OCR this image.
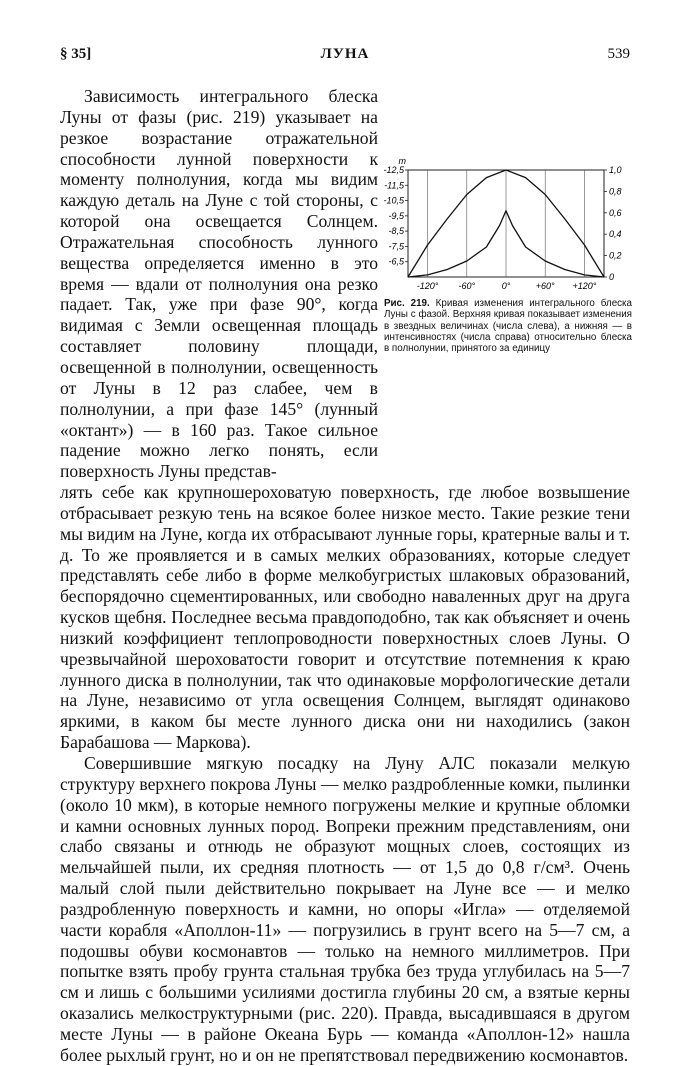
§ 35]	ЛУНА	539

Зависимость интегрального блеска Луны от фазы (рис. 219) указывает на резкое возрастание отражательной способности лунной поверхности к моменту полнолуния, когда мы видим каждую деталь на Луне с той стороны, с которой она освещается Солнцем. Отражательная способность лунного вещества определяется именно в это время — вдали от полнолуния она резко падает. Так, уже при фазе 90°, когда видимая с Земли освещенная площадь составляет половину площади, освещенной в полнолунии, освещенность от Луны в 12 раз слабее, чем в полнолунии, а при фазе 145° (лунный «октант») — в 160 раз. Такое сильное падение можно легко понять, если поверхность Луны представ-

лять себе как крупношероховатую поверхность, где любое возвышение отбрасывает резкую тень на всякое более низкое место. Такие резкие тени мы видим на Луне, когда их отбрасывают лунные горы, кратерные валы и т. д. То же проявляется и в самых мелких образованиях, которые следует представлять себе либо в форме мелкобугристых шлаковых образований, беспорядочно сцементированных, или свободно наваленных друг на друга кусков щебня. Последнее весьма правдоподобно, так как объясняет и очень низкий коэффициент теплопроводности поверхностных слоев Луны. О чрезвычайной шероховатости говорит и отсутствие потемнения к краю лунного диска в полнолунии, так что одинаковые морфологические детали на Луне, независимо от угла освещения Солнцем, выглядят одинаково яркими, в каком бы месте лунного диска они ни находились (закон Барабашова — Маркова).

Совершившие мягкую посадку на Луну АЛС показали мелкую структуру верхнего покрова Луны — мелко раздробленные комки, пылинки (около 10 мкм), в которые немного погружены мелкие и крупные обломки и камни основных лунных пород. Вопреки прежним представлениям, они слабо связаны и отнюдь не образуют мощных слоев, состоящих из мельчайшей пыли, их средняя плотность — от 1,5 до 0,8 г/см³. Очень малый слой пыли действительно покрывает на Луне все — и мелко раздробленную поверхность и камни, но опоры «Игла» — отделяемой части корабля «Аполлон-11» — погрузились в грунт всего на 5—7 см, а подошвы обуви космонавтов — только на немного миллиметров. При попытке взять пробу грунта стальная трубка без труда углубилась на 5—7 см и лишь с большими усилиями достигла глубины 20 см, а взятые керны оказались мелкоструктурными (рис. 220). Правда, высадившаяся в другом месте Луны — в районе Океана Бурь — команда «Аполлон-12» нашла более рыхлый грунт, но и он не препятствовал передвижению космонавтов.

m
-12,5
-11,5
-10,5
-9,5
-8,5
-7,5
-6,5
1,0
0,8
0,6
0,4
0,2
0
-120° -60°	0°	+60° +120°
Рис. 219. Кривая изменения интегрального блеска Луны с фазой. Верхняя кривая показывает изменения в звездных величинах (числа слева), а нижняя — в интенсивностях (числа справа) относительно блеска в полнолунии, принятого за единицу
